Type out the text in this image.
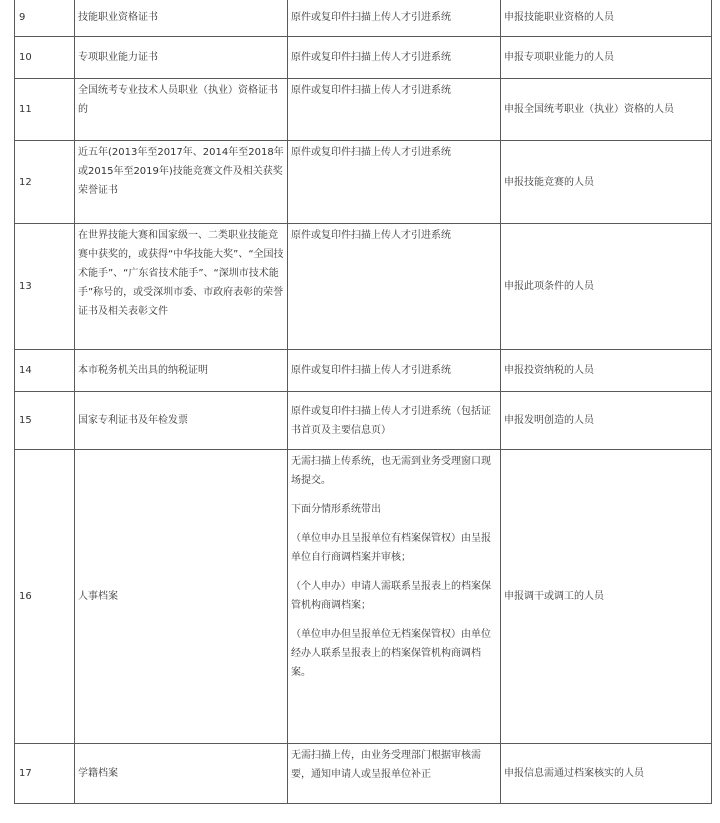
9	技能职业资格证书	原件或复印件扫描上传人才引进系统	申报技能职业资格的人员
10	专项职业能力证书	原件或复印件扫描上传人才引进系统	申报专项职业能力的人员
11	全国统考专业技术人员职业（执业）资格证书的	原件或复印件扫描上传人才引进系统	申报全国统考职业（执业）资格的人员
12	近五年(2013年至2017年、2014年至2018年或2015年至2019年)技能竞赛文件及相关获奖荣誉证书	原件或复印件扫描上传人才引进系统	申报技能竞赛的人员
13	在世界技能大赛和国家级一、二类职业技能竞赛中获奖的，或获得“中华技能大奖”、“全国技术能手”、“广东省技术能手”、“深圳市技术能手”称号的，或受深圳市委、市政府表彰的荣誉证书及相关表彰文件	原件或复印件扫描上传人才引进系统	申报此项条件的人员
14	本市税务机关出具的纳税证明	原件或复印件扫描上传人才引进系统	申报投资纳税的人员
15	国家专利证书及年检发票	原件或复印件扫描上传人才引进系统（包括证书首页及主要信息页）	申报发明创造的人员
16	人事档案	无需扫描上传系统，也无需到业务受理窗口现场提交。
下面分情形系统带出
（单位申办且呈报单位有档案保管权）由呈报单位自行商调档案并审核；
（个人申办）申请人需联系呈报表上的档案保管机构商调档案；
（单位申办但呈报单位无档案保管权）由单位经办人联系呈报表上的档案保管机构商调档案。	申报调干或调工的人员
17	学籍档案	无需扫描上传，由业务受理部门根据审核需要，通知申请人或呈报单位补正	申报信息需通过档案核实的人员
